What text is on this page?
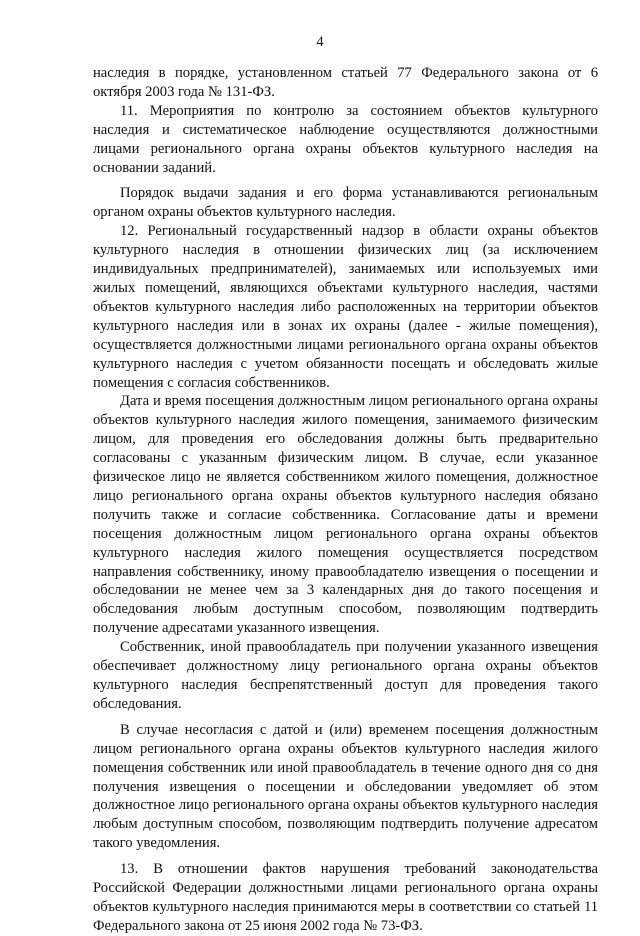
4

наследия в порядке, установленном статьей 77 Федерального закона от 6 октября 2003 года № 131-ФЗ.

11. Мероприятия по контролю за состоянием объектов культурного наследия и систематическое наблюдение осуществляются должностными лицами регионального органа охраны объектов культурного наследия на основании заданий.

Порядок выдачи задания и его форма устанавливаются региональным органом охраны объектов культурного наследия.

12. Региональный государственный надзор в области охраны объектов культурного наследия в отношении физических лиц (за исключением индивидуальных предпринимателей), занимаемых или используемых ими жилых помещений, являющихся объектами культурного наследия, частями объектов культурного наследия либо расположенных на территории объектов культурного наследия или в зонах их охраны (далее - жилые помещения), осуществляется должностными лицами регионального органа охраны объектов культурного наследия с учетом обязанности посещать и обследовать жилые помещения с согласия собственников.

Дата и время посещения должностным лицом регионального органа охраны объектов культурного наследия жилого помещения, занимаемого физическим лицом, для проведения его обследования должны быть предварительно согласованы с указанным физическим лицом. В случае, если указанное физическое лицо не является собственником жилого помещения, должностное лицо регионального органа охраны объектов культурного наследия обязано получить также и согласие собственника. Согласование даты и времени посещения должностным лицом регионального органа охраны объектов культурного наследия жилого помещения осуществляется посредством направления собственнику, иному правообладателю извещения о посещении и обследовании не менее чем за 3 календарных дня до такого посещения и обследования любым доступным способом, позволяющим подтвердить получение адресатами указанного извещения.

Собственник, иной правообладатель при получении указанного извещения обеспечивает должностному лицу регионального органа охраны объектов культурного наследия беспрепятственный доступ для проведения такого обследования.

В случае несогласия с датой и (или) временем посещения должностным лицом регионального органа охраны объектов культурного наследия жилого помещения собственник или иной правообладатель в течение одного дня со дня получения извещения о посещении и обследовании уведомляет об этом должностное лицо регионального органа охраны объектов культурного наследия любым доступным способом, позволяющим подтвердить получение адресатом такого уведомления.

13. В отношении фактов нарушения требований законодательства Российской Федерации должностными лицами регионального органа охраны объектов культурного наследия принимаются меры в соответствии со статьей 11 Федерального закона от 25 июня 2002 года № 73-ФЗ.
